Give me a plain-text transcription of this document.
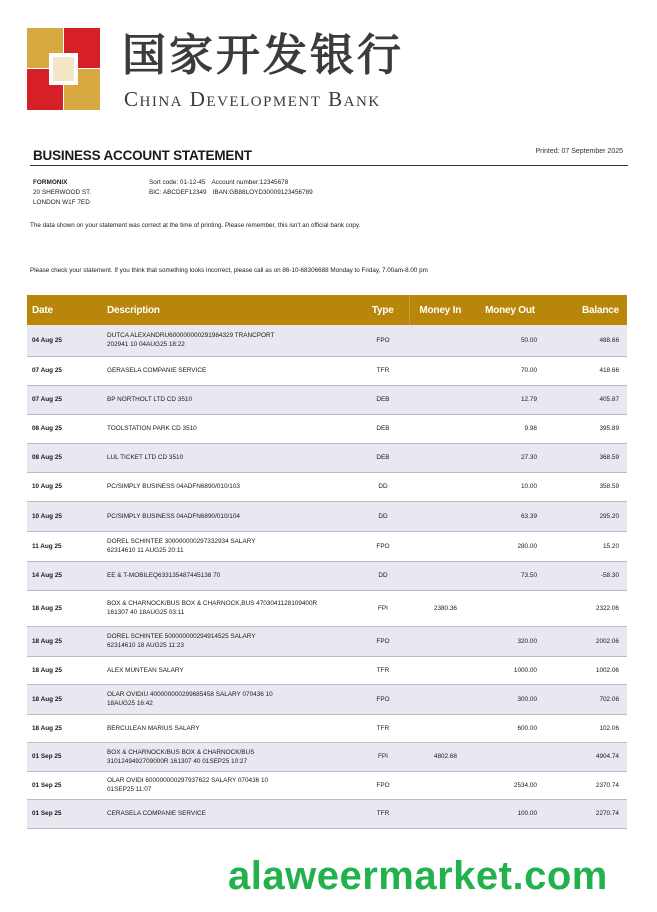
国家开发银行
China Development Bank
BUSINESS ACCOUNT STATEMENT	Printed: 07 September 2025
FORMONIX
20 SHERWOOD ST.
LONDON W1F 7ED
Sort code: 01-12-45 Account number:12345678
BIC: ABCDEF12349 IBAN:GB88LOYD30009123456789
The data shown on your statement was correct at the time of printing. Please remember, this isn't an official bank copy.
Please check your statement. If you think that something looks incorrect, please call as on 86-10-68306688 Monday to Friday, 7.00am-8.00 pm
Date	Description	Type	Money In	Money Out	Balance
04 Aug 25	DUTCA ALEXANDRU600000000291984329 TRANCPORT
202941 10 04AUG25 18:22	FPO		50.00	488.66
07 Aug 25	GERASELA COMPANIE SERVICE	TFR		70.00	418.66
07 Aug 25	BP NORTHOLT LTD CD 3510	DEB		12.79	405.87
08 Aug 25	TOOLSTATION PARK CD 3510	DEB		9.98	395.89
08 Aug 25	LUL TICKET LTD CD 3510	DEB		27.30	368.59
10 Aug 25	PC/SIMPLY BUSINESS 04ADFN6890/010/103	DD		10.00	358.59
10 Aug 25	PC/SIMPLY BUSINESS 04ADFN6890/010/104	DD		63.39	295.20
11 Aug 25	DOREL SCHINTEE 300000000297332934 SALARY
62314610 11 AUG25 20:11	FPO		280.00	15.20
14 Aug 25	EE & T-MOBILEQ633135487445138 70	DD		73.50	-58.30
18 Aug 25	BOX & CHARNOCK/BUS BOX & CHARNOCK,BUS 4703041128109400R
161307 40 18AUG25 03:11	FPI	2380.36		2322.06
18 Aug 25	DOREL SCHINTEE 500000000294914525 SALARY
62314610 18 AUG25 11:23	FPO		320.00	2002.06
18 Aug 25	ALEX MUNTEAN SALARY	TFR		1000.00	1002.06
18 Aug 25	OLAR OVIDIU 400000000299685458 SALARY 070436 10
18AUG25 16:42	FPO		300.00	702.06
18 Aug 25	BERCULEAN MARIUS SALARY	TFR		600.00	102.06
01 Sep 25	BOX & CHARNOCK/BUS BOX & CHARNOCK/BUS
3101249492709000R 161307 40 01SEP25 10:27	FPI	4802.68		4904.74
01 Sep 25	OLAR OVIDI 600000000297937622 SALARY 070436 10
01SEP25 11:07	FPO		2534.00	2370.74
01 Sep 25	CERASELA COMPANIE SERVICE	TFR		100.00	2270.74
alaweermarket.com
